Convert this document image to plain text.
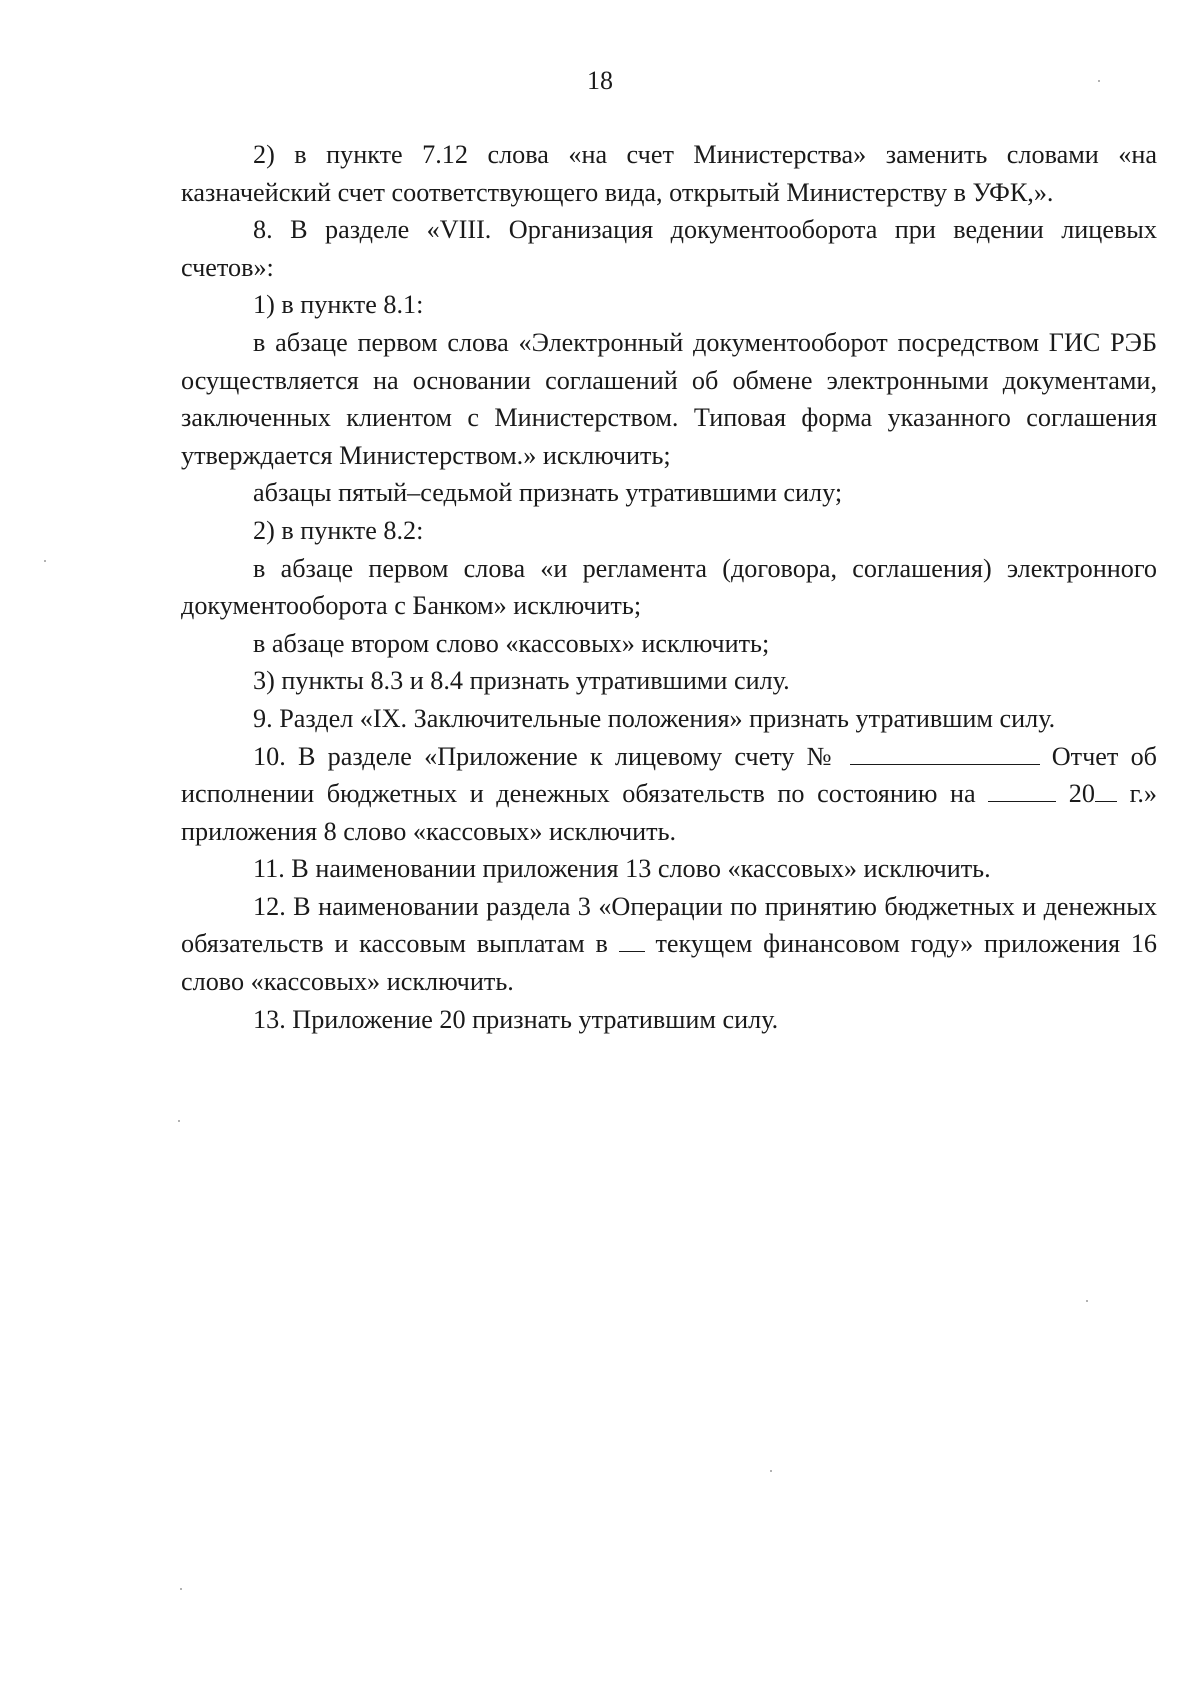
18

2) в пункте 7.12 слова «на счет Министерства» заменить словами «на казначейский счет соответствующего вида, открытый Министерству в УФК,».

8. В разделе «VIII. Организация документооборота при ведении лицевых счетов»:

1) в пункте 8.1:

в абзаце первом слова «Электронный документооборот посредством ГИС РЭБ осуществляется на основании соглашений об обмене электронными документами, заключенных клиентом с Министерством. Типовая форма указанного соглашения утверждается Министерством.» исключить;

абзацы пятый–седьмой признать утратившими силу;

2) в пункте 8.2:

в абзаце первом слова «и регламента (договора, соглашения) электронного документооборота с Банком» исключить;

в абзаце втором слово «кассовых» исключить;

3) пункты 8.3 и 8.4 признать утратившими силу.

9. Раздел «IX. Заключительные положения» признать утратившим силу.

10. В разделе «Приложение к лицевому счету №	Отчет об исполнении бюджетных и денежных обязательств по состоянию на	20 г.» приложения 8 слово «кассовых» исключить.

11. В наименовании приложения 13 слово «кассовых» исключить.

12. В наименовании раздела 3 «Операции по принятию бюджетных и денежных обязательств и кассовым выплатам в текущем финансовом году» приложения 16 слово «кассовых» исключить.

13. Приложение 20 признать утратившим силу.
